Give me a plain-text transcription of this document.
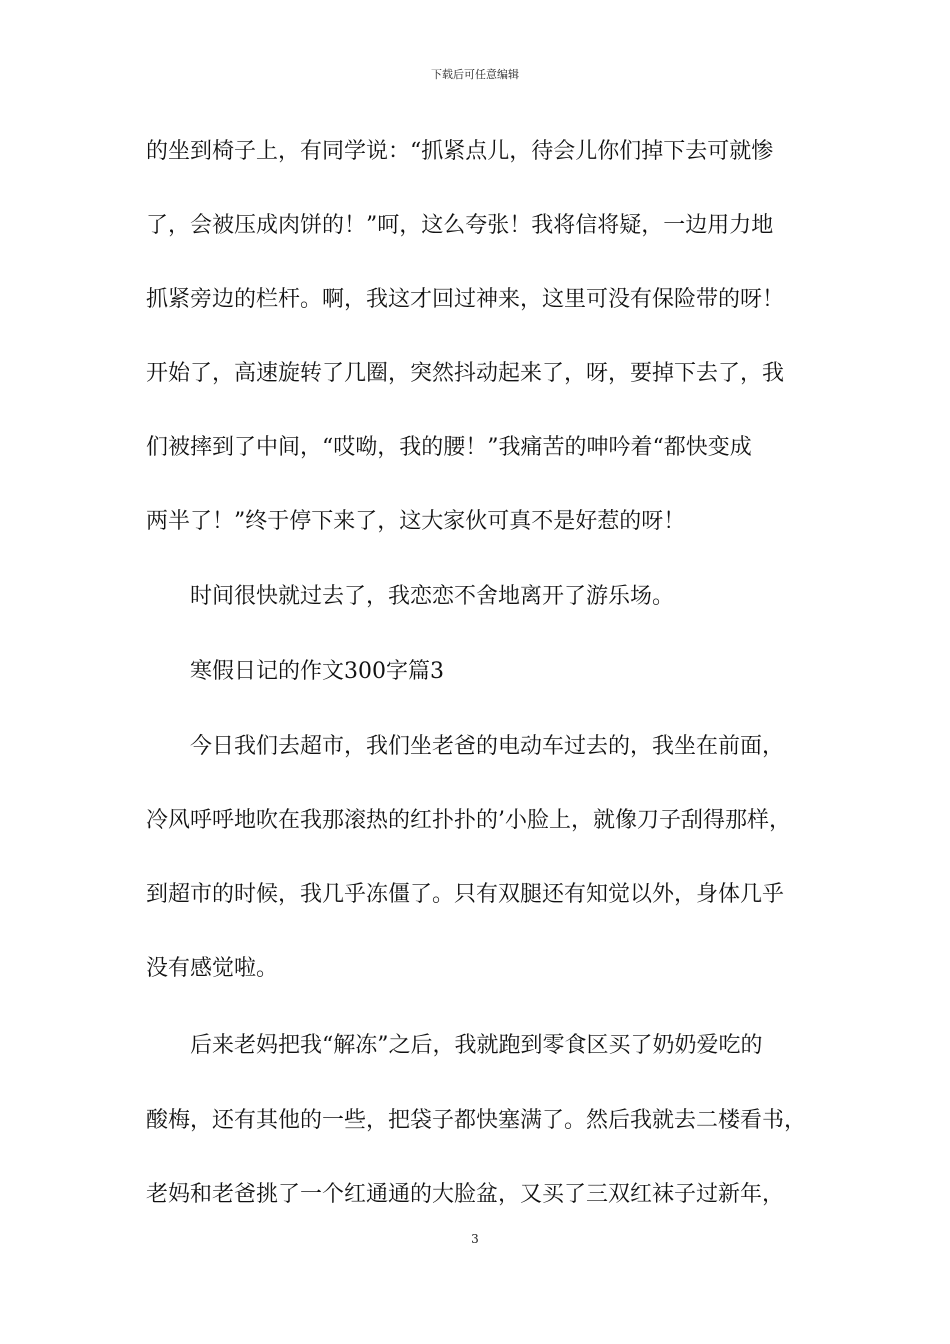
下载后可任意编辑
的坐到椅子上，有同学说：“抓紧点儿，待会儿你们掉下去可就惨
了，会被压成肉饼的！”呵，这么夸张！我将信将疑，一边用力地
抓紧旁边的栏杆。啊，我这才回过神来，这里可没有保险带的呀！
开始了，高速旋转了几圈，突然抖动起来了，呀，要掉下去了，我
们被摔到了中间，“哎呦，我的腰！”我痛苦的呻吟着“都快变成
两半了！”终于停下来了，这大家伙可真不是好惹的呀！
时间很快就过去了，我恋恋不舍地离开了游乐场。
寒假日记的作文300字篇3
今日我们去超市，我们坐老爸的电动车过去的，我坐在前面，
冷风呼呼地吹在我那滚热的红扑扑的’小脸上，就像刀子刮得那样，
到超市的时候，我几乎冻僵了。只有双腿还有知觉以外，身体几乎
没有感觉啦。
后来老妈把我“解冻”之后，我就跑到零食区买了奶奶爱吃的
酸梅，还有其他的一些，把袋子都快塞满了。然后我就去二楼看书，
老妈和老爸挑了一个红通通的大脸盆，又买了三双红袜子过新年，
3
